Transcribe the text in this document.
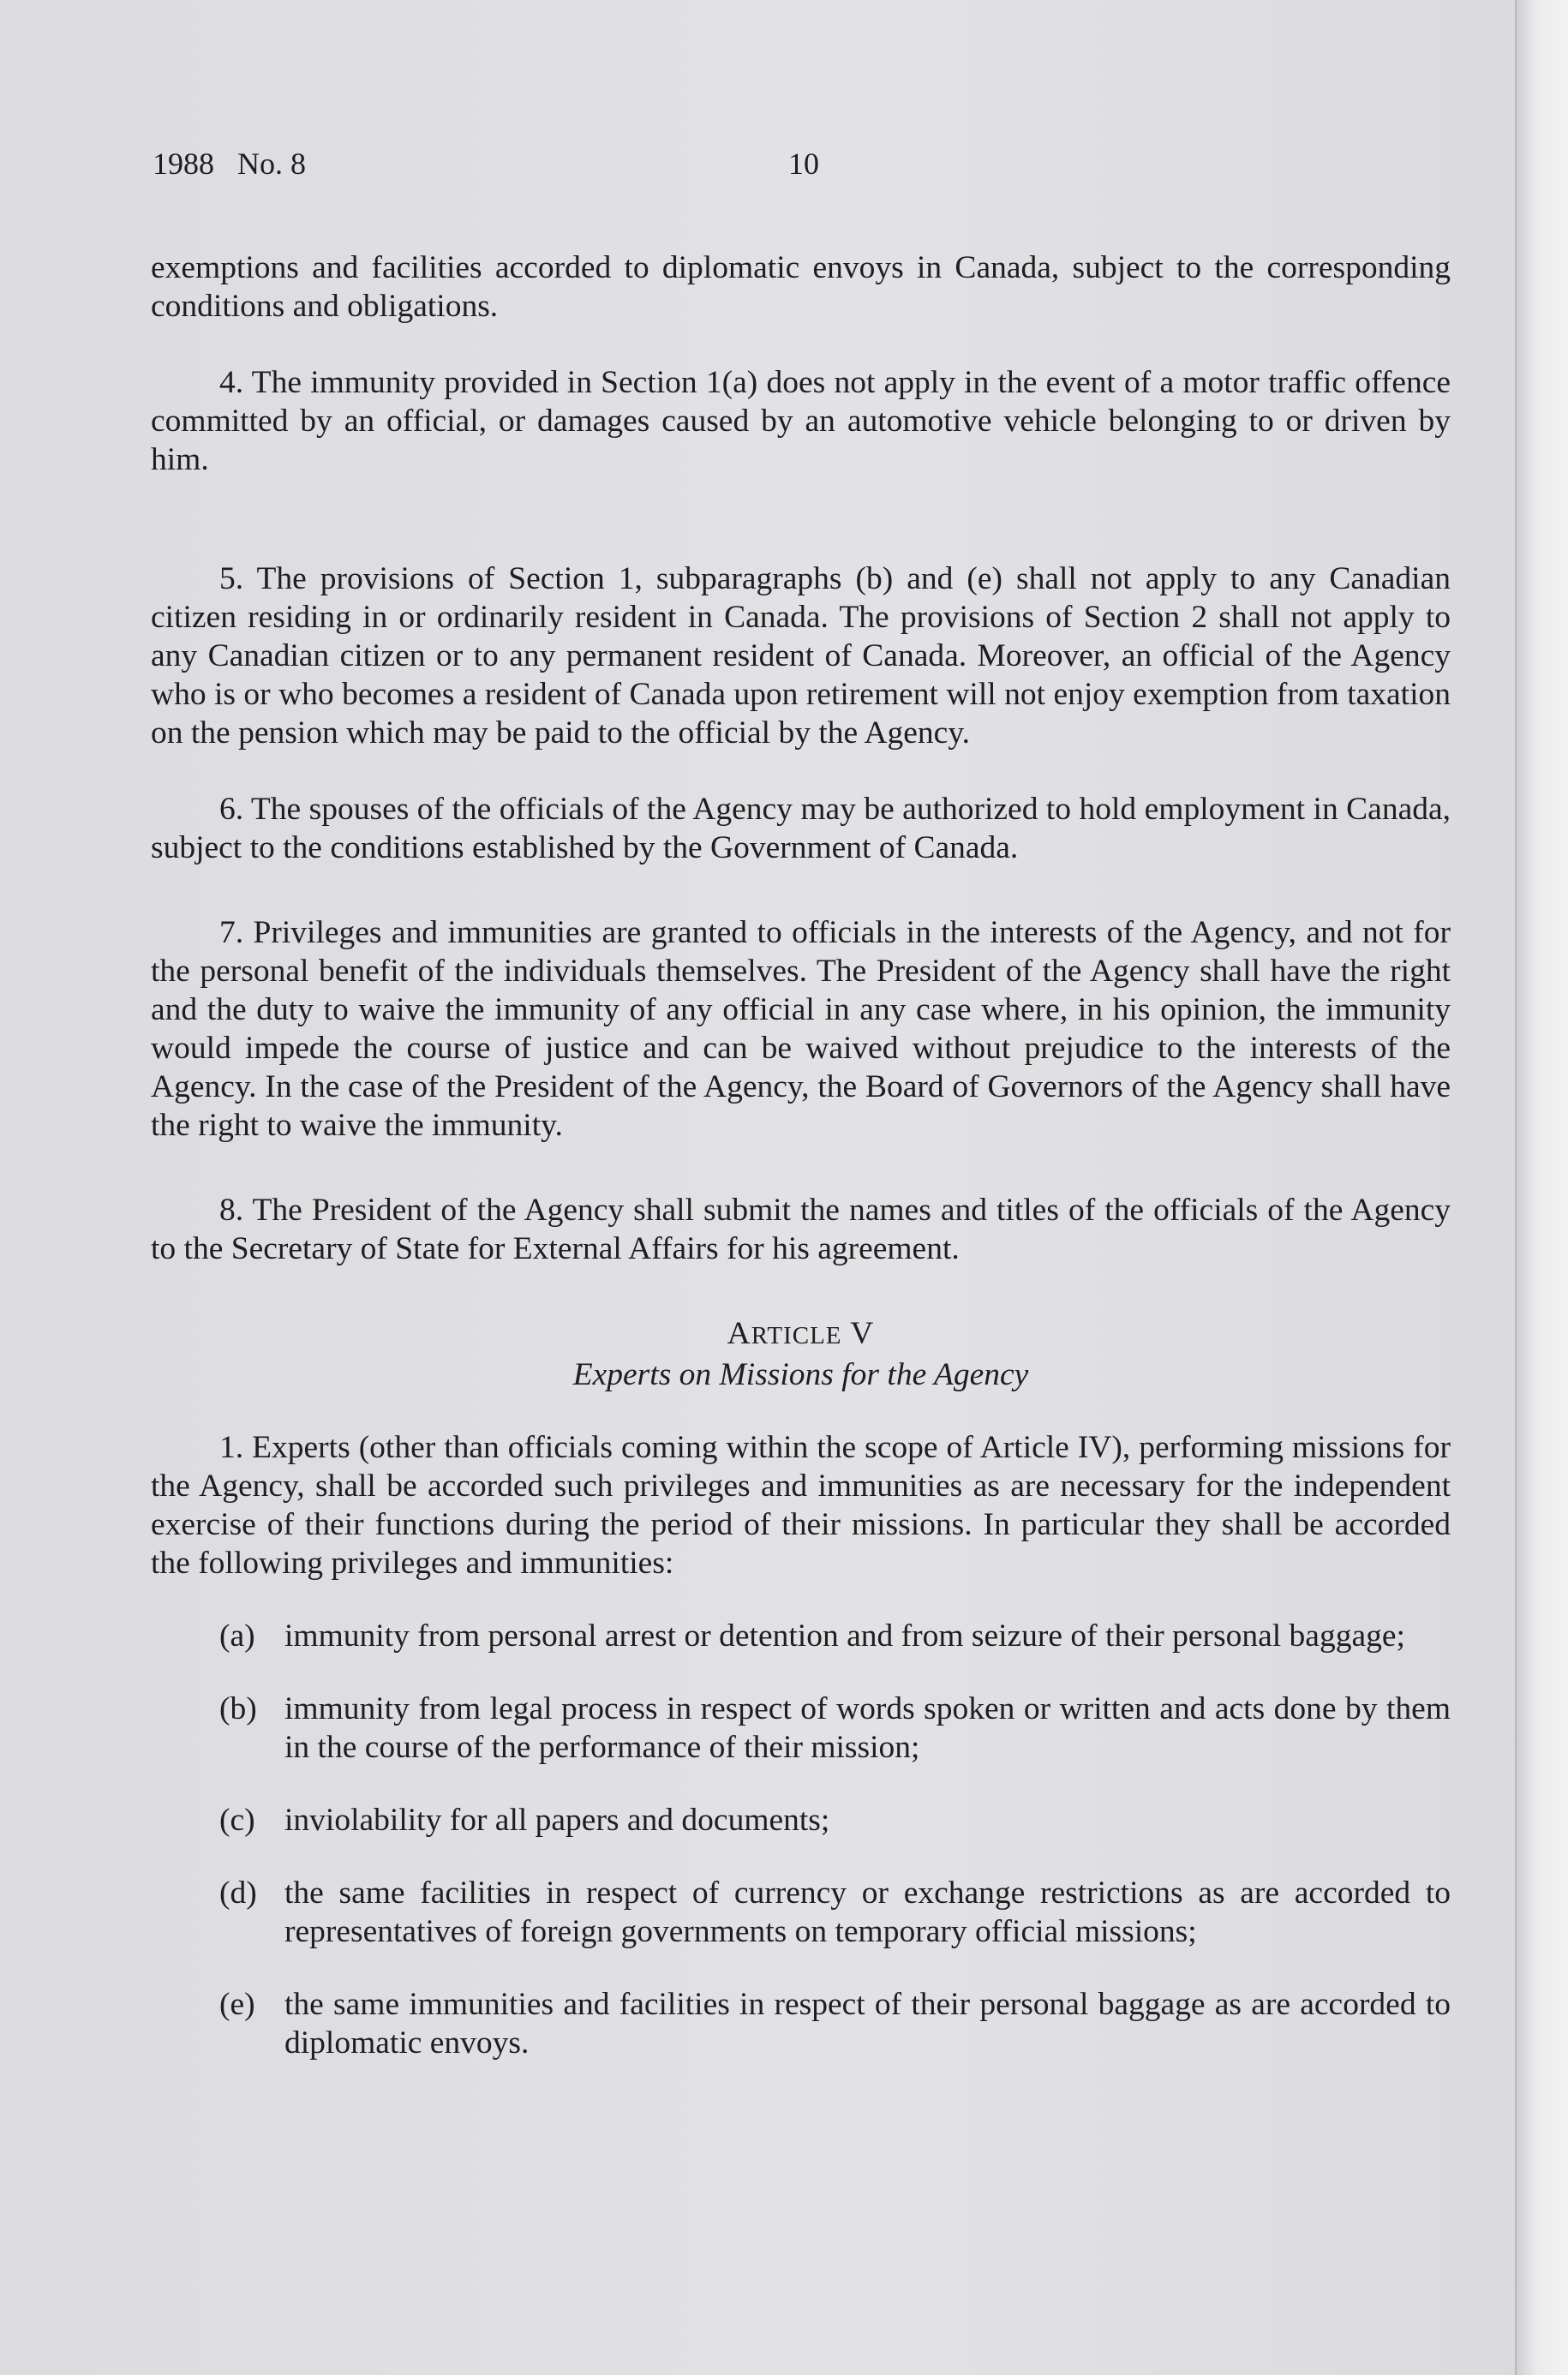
1988   No. 8	10

exemptions and facilities accorded to diplomatic envoys in Canada, subject to the corresponding conditions and obligations.

4. The immunity provided in Section 1(a) does not apply in the event of a motor traffic offence committed by an official, or damages caused by an automotive vehicle belonging to or driven by him.

5. The provisions of Section 1, subparagraphs (b) and (e) shall not apply to any Canadian citizen residing in or ordinarily resident in Canada. The provisions of Section 2 shall not apply to any Canadian citizen or to any permanent resident of Canada. Moreover, an official of the Agency who is or who becomes a resident of Canada upon retirement will not enjoy exemption from taxation on the pension which may be paid to the official by the Agency.

6. The spouses of the officials of the Agency may be authorized to hold employment in Canada, subject to the conditions established by the Government of Canada.

7. Privileges and immunities are granted to officials in the interests of the Agency, and not for the personal benefit of the individuals themselves. The President of the Agency shall have the right and the duty to waive the immunity of any official in any case where, in his opinion, the immunity would impede the course of justice and can be waived without prejudice to the interests of the Agency. In the case of the President of the Agency, the Board of Governors of the Agency shall have the right to waive the immunity.

8. The President of the Agency shall submit the names and titles of the officials of the Agency to the Secretary of State for External Affairs for his agreement.

ARTICLE V

Experts on Missions for the Agency

1. Experts (other than officials coming within the scope of Article IV), performing missions for the Agency, shall be accorded such privileges and immunities as are necessary for the independent exercise of their functions during the period of their missions. In particular they shall be accorded the following privileges and immunities:

(a) immunity from personal arrest or detention and from seizure of their personal baggage;
(b) immunity from legal process in respect of words spoken or written and acts done by them in the course of the performance of their mission;
(c) inviolability for all papers and documents;
(d) the same facilities in respect of currency or exchange restrictions as are accorded to representatives of foreign governments on temporary official missions;
(e) the same immunities and facilities in respect of their personal baggage as are accorded to diplomatic envoys.
